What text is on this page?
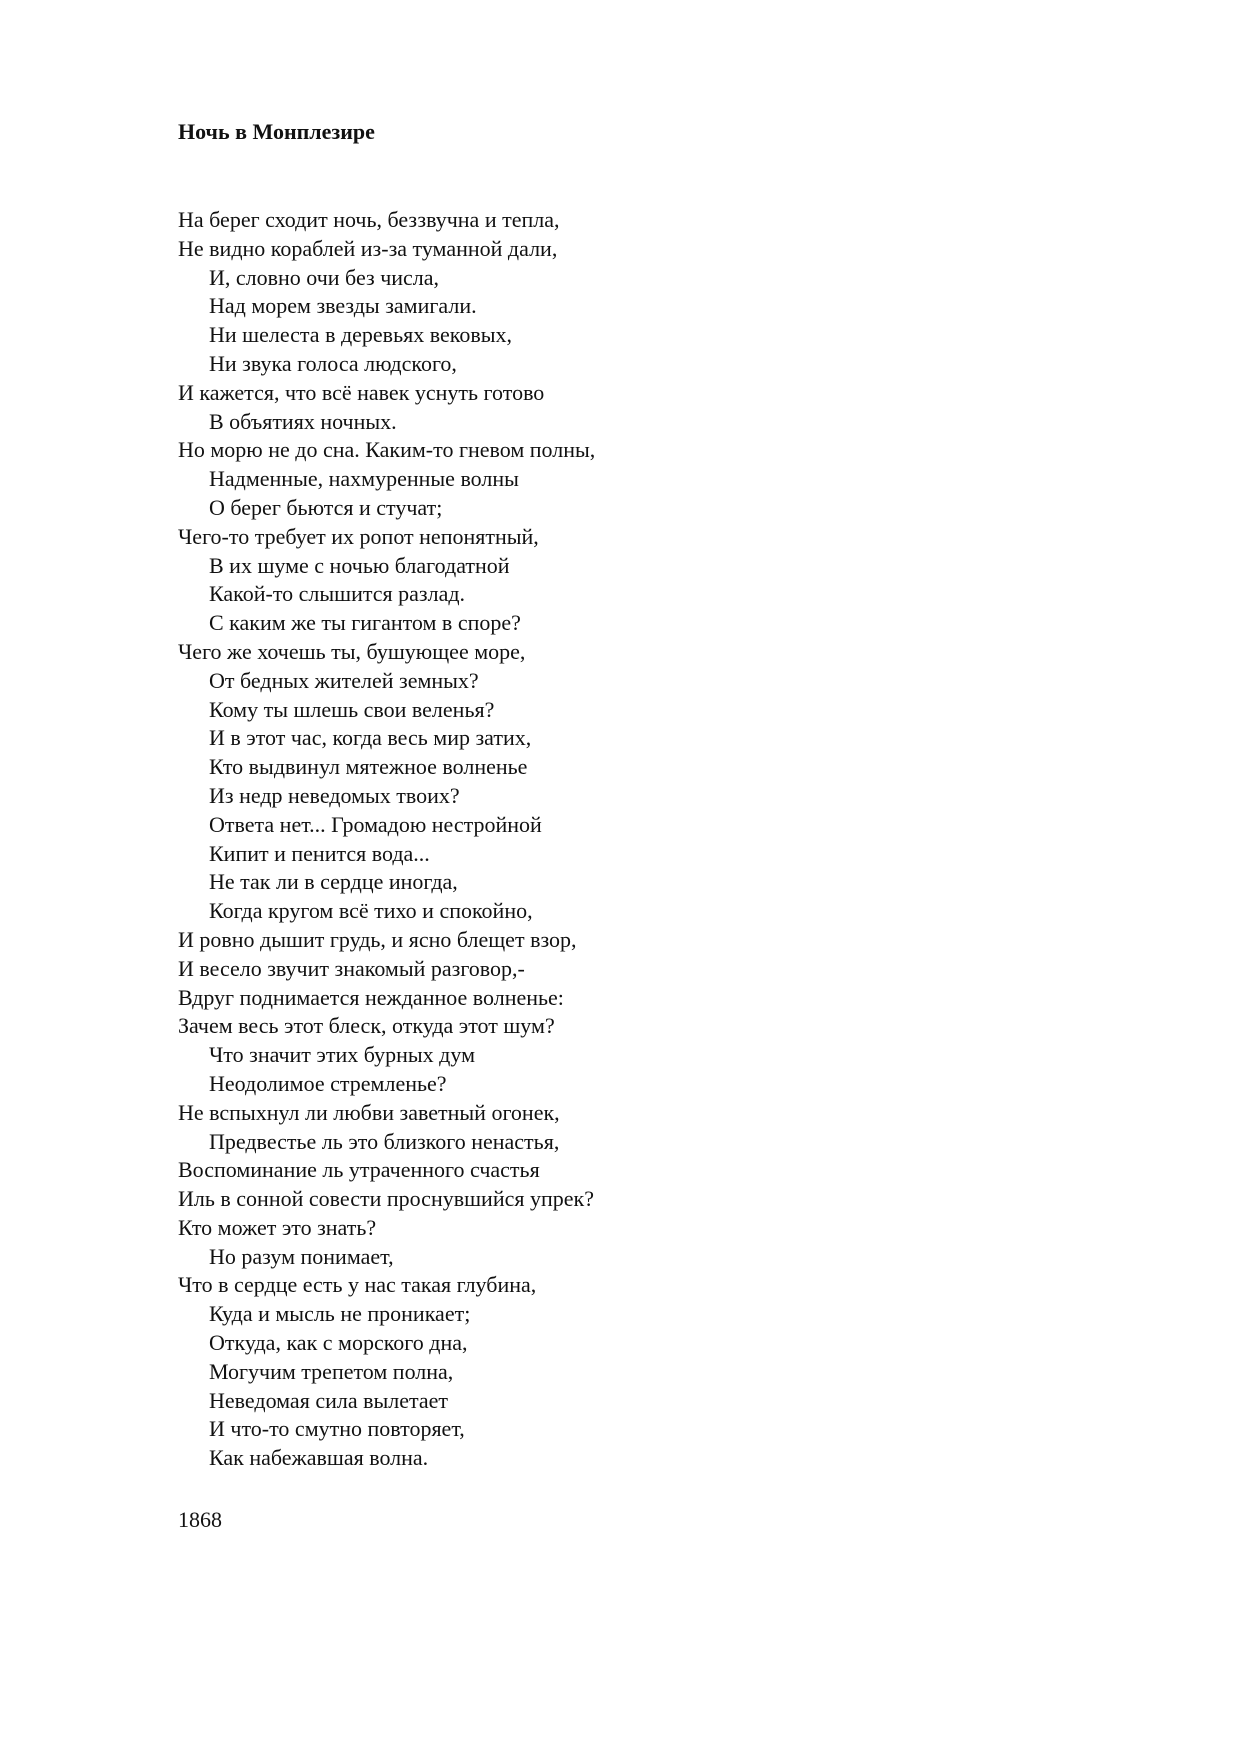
Ночь в Монплезире
На берег сходит ночь, беззвучна и тепла,
Не видно кораблей из-за туманной дали,
И, словно очи без числа,
Над морем звезды замигали.
Ни шелеста в деревьях вековых,
Ни звука голоса людского,
И кажется, что всё навек уснуть готово
В объятиях ночных.
Но морю не до сна. Каким-то гневом полны,
Надменные, нахмуренные волны
О берег бьются и стучат;
Чего-то требует их ропот непонятный,
В их шуме с ночью благодатной
Какой-то слышится разлад.
С каким же ты гигантом в споре?
Чего же хочешь ты, бушующее море,
От бедных жителей земных?
Кому ты шлешь свои веленья?
И в этот час, когда весь мир затих,
Кто выдвинул мятежное волненье
Из недр неведомых твоих?
Ответа нет... Громадою нестройной
Кипит и пенится вода...
Не так ли в сердце иногда,
Когда кругом всё тихо и спокойно,
И ровно дышит грудь, и ясно блещет взор,
И весело звучит знакомый разговор,-
Вдруг поднимается нежданное волненье:
Зачем весь этот блеск, откуда этот шум?
Что значит этих бурных дум
Неодолимое стремленье?
Не вспыхнул ли любви заветный огонек,
Предвестье ль это близкого ненастья,
Воспоминание ль утраченного счастья
Иль в сонной совести проснувшийся упрек?
Кто может это знать?
Но разум понимает,
Что в сердце есть у нас такая глубина,
Куда и мысль не проникает;
Откуда, как с морского дна,
Могучим трепетом полна,
Неведомая сила вылетает
И что-то смутно повторяет,
Как набежавшая волна.
1868
